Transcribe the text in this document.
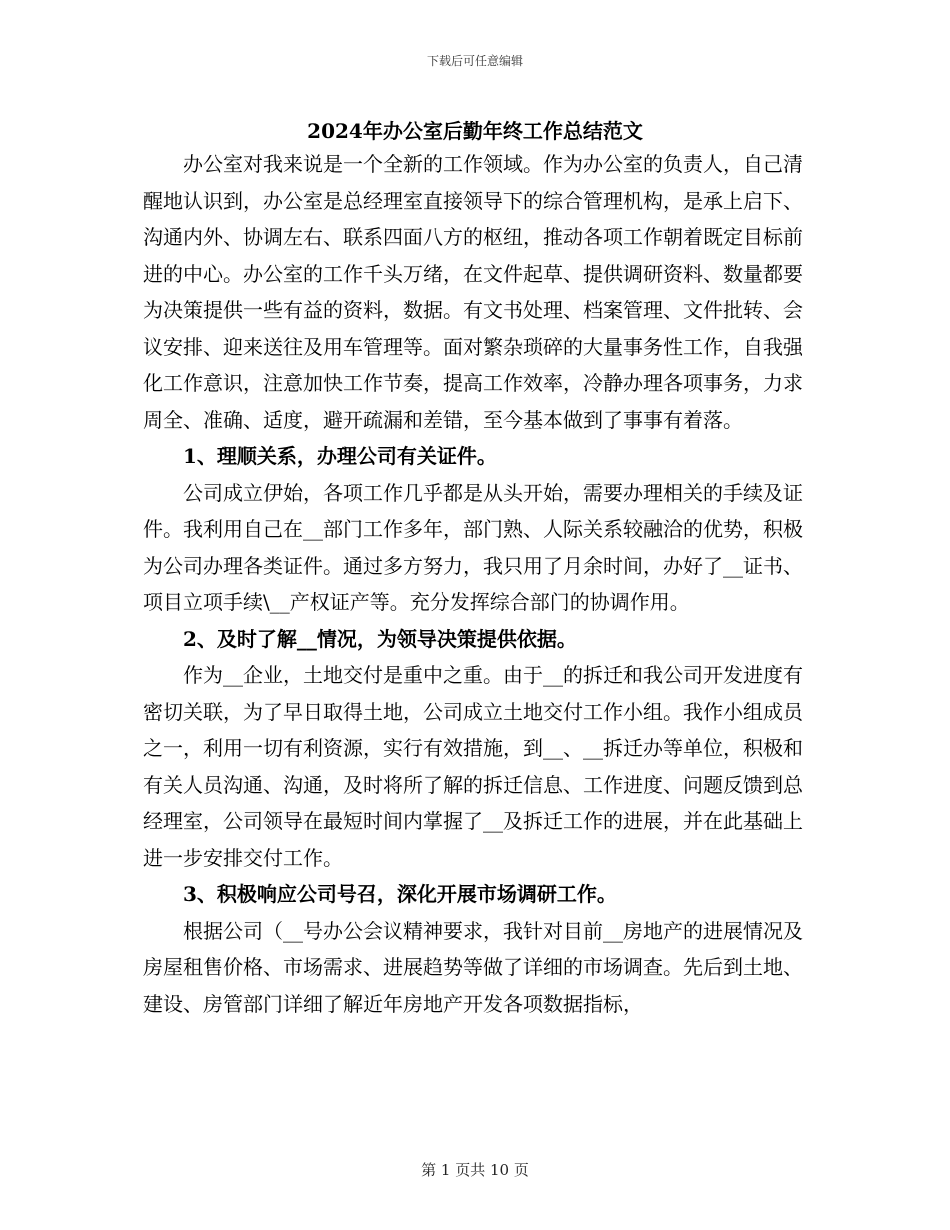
下载后可任意编辑
2024年办公室后勤年终工作总结范文

办公室对我来说是一个全新的工作领域。作为办公室的负责人，自己清醒地认识到，办公室是总经理室直接领导下的综合管理机构，是承上启下、沟通内外、协调左右、联系四面八方的枢纽，推动各项工作朝着既定目标前进的中心。办公室的工作千头万绪，在文件起草、提供调研资料、数量都要为决策提供一些有益的资料，数据。有文书处理、档案管理、文件批转、会议安排、迎来送往及用车管理等。面对繁杂琐碎的大量事务性工作，自我强化工作意识，注意加快工作节奏，提高工作效率，冷静办理各项事务，力求周全、准确、适度，避开疏漏和差错，至今基本做到了事事有着落。

1、理顺关系，办理公司有关证件。

公司成立伊始，各项工作几乎都是从头开始，需要办理相关的手续及证件。我利用自己在__部门工作多年，部门熟、人际关系较融洽的优势，积极为公司办理各类证件。通过多方努力，我只用了月余时间，办好了__证书、项目立项手续\__产权证产等。充分发挥综合部门的协调作用。

2、及时了解__情况，为领导决策提供依据。

作为__企业，土地交付是重中之重。由于__的拆迁和我公司开发进度有密切关联，为了早日取得土地，公司成立土地交付工作小组。我作小组成员之一，利用一切有利资源，实行有效措施，到__、__拆迁办等单位，积极和有关人员沟通、沟通，及时将所了解的拆迁信息、工作进度、问题反馈到总经理室，公司领导在最短时间内掌握了__及拆迁工作的进展，并在此基础上进一步安排交付工作。

3、积极响应公司号召，深化开展市场调研工作。

根据公司（__号办公会议精神要求，我针对目前__房地产的进展情况及房屋租售价格、市场需求、进展趋势等做了详细的市场调查。先后到土地、建设、房管部门详细了解近年房地产开发各项数据指标，

第 1 页共 10 页
